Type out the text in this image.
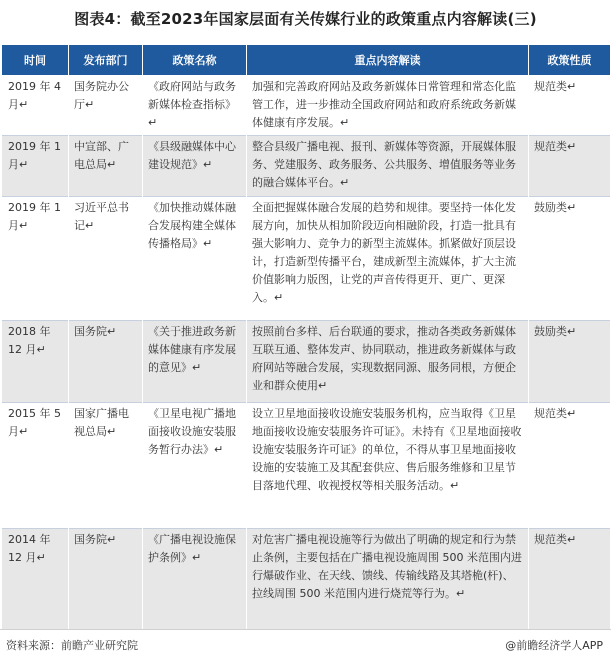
图表4：截至2023年国家层面有关传媒行业的政策重点内容解读(三)
时间	发布部门	政策名称	重点内容解读	政策性质
2019 年 4 月↵	国务院办公厅↵	《政府网站与政务新媒体检查指标》↵	加强和完善政府网站及政务新媒体日常管理和常态化监管工作，进一步推动全国政府网站和政府系统政务新媒体健康有序发展。↵	规范类↵
2019 年 1 月↵	中宣部、广电总局↵	《县级融媒体中心建设规范》↵	整合县级广播电视、报刊、新媒体等资源，开展媒体服务、党建服务、政务服务、公共服务、增值服务等业务的融合媒体平台。↵	规范类↵
2019 年 1 月↵	习近平总书记↵	《加快推动媒体融合发展构建全媒体传播格局》↵	全面把握媒体融合发展的趋势和规律。要坚持一体化发展方向，加快从相加阶段迈向相融阶段，打造一批具有强大影响力、竞争力的新型主流媒体。抓紧做好顶层设计，打造新型传播平台，建成新型主流媒体，扩大主流价值影响力版图，让党的声音传得更开、更广、更深入。↵	鼓励类↵
2018 年 12 月↵	国务院↵	《关于推进政务新媒体健康有序发展的意见》↵	按照前台多样、后台联通的要求，推动各类政务新媒体互联互通、整体发声、协同联动，推进政务新媒体与政府网站等融合发展，实现数据同源、服务同根，方便企业和群众使用↵	鼓励类↵
2015 年 5 月↵	国家广播电视总局↵	《卫星电视广播地面接收设施安装服务暂行办法》↵	设立卫星地面接收设施安装服务机构，应当取得《卫星地面接收设施安装服务许可证》。未持有《卫星地面接收设施安装服务许可证》的单位，不得从事卫星地面接收设施的安装施工及其配套供应、售后服务维修和卫星节目落地代理、收视授权等相关服务活动。↵	规范类↵
2014 年 12 月↵	国务院↵	《广播电视设施保护条例》↵	对危害广播电视设施等行为做出了明确的规定和行为禁止条例，主要包括在广播电视设施周围 500 米范围内进行爆破作业、在天线、馈线、传输线路及其塔桅(杆)、拉线周围 500 米范围内进行烧荒等行为。↵	规范类↵
资料来源：前瞻产业研究院	@前瞻经济学人APP
